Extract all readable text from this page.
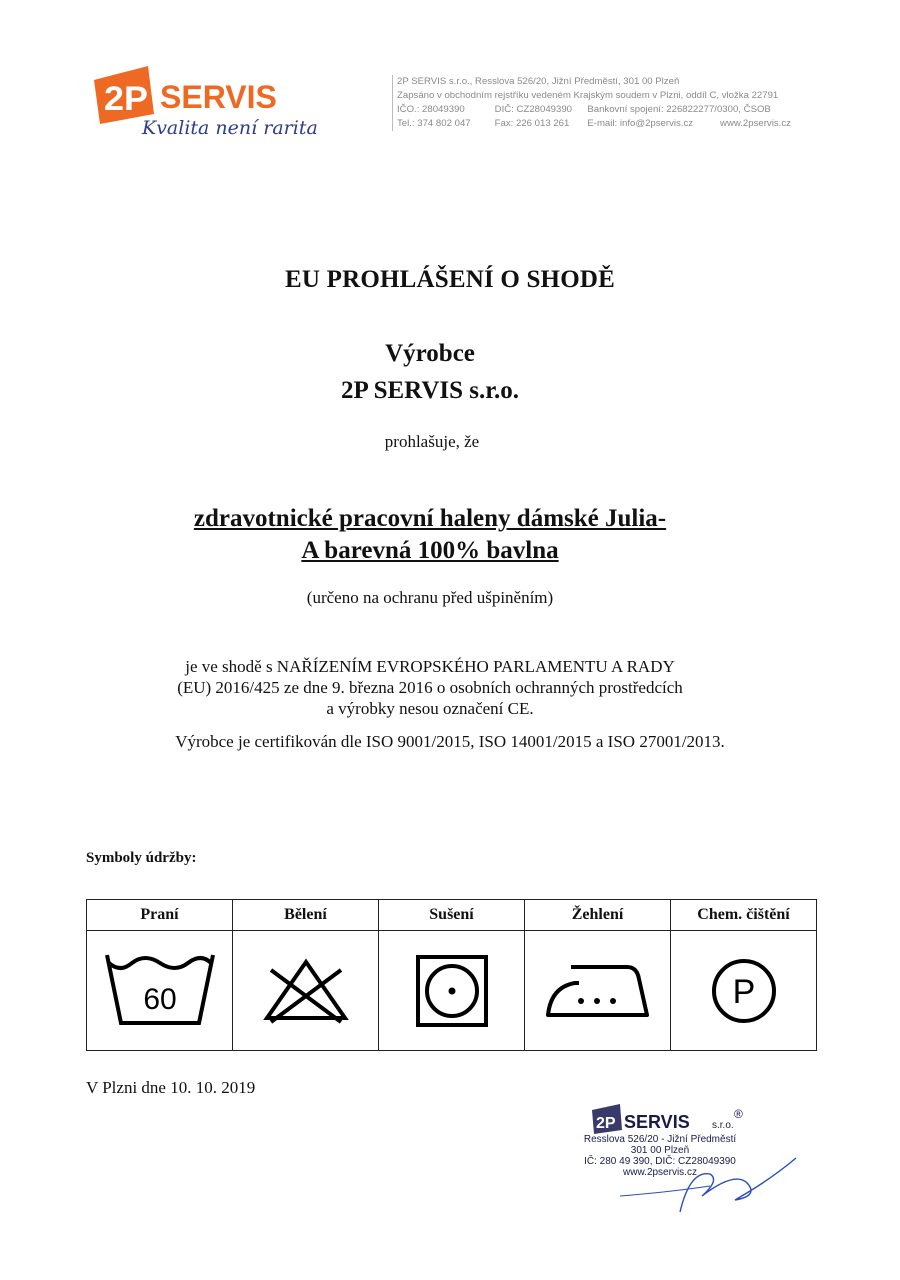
2P SERVIS
Kvalita není rarita
2P SERVIS s.r.o., Resslova 526/20, Jižní Předměstí, 301 00 Plzeň
Zapsáno v obchodním rejstříku vedeném Krajským soudem v Plzni, oddíl C, vložka 22791
IČO.: 28049390	DIČ: CZ28049390 Bankovní spojení: 226822277/0300, ČSOB
Tel.: 374 802 047	Fax: 226 013 261 E-mail: info@2pservis.cz	www.2pservis.cz
EU PROHLÁŠENÍ O SHODĚ
Výrobce
2P SERVIS s.r.o.
prohlašuje, že
zdravotnické pracovní haleny dámské Julia-
A barevná 100% bavlna
(určeno na ochranu před ušpiněním)
je ve shodě s NAŘÍZENÍM EVROPSKÉHO PARLAMENTU A RADY
(EU) 2016/425 ze dne 9. března 2016 o osobních ochranných prostředcích
a výrobky nesou označení CE.
Výrobce je certifikován dle ISO 9001/2015, ISO 14001/2015 a ISO 27001/2013.
Symboly údržby:
Praní	Bělení	Sušení	Žehlení	Chem. čištění

60				P
V Plzni dne 10. 10. 2019
2P SERVIS s.r.o.
®
Resslova 526/20 - Jižní Předměstí
301 00 Plzeň
IČ: 280 49 390, DIČ: CZ28049390
www.2pservis.cz
